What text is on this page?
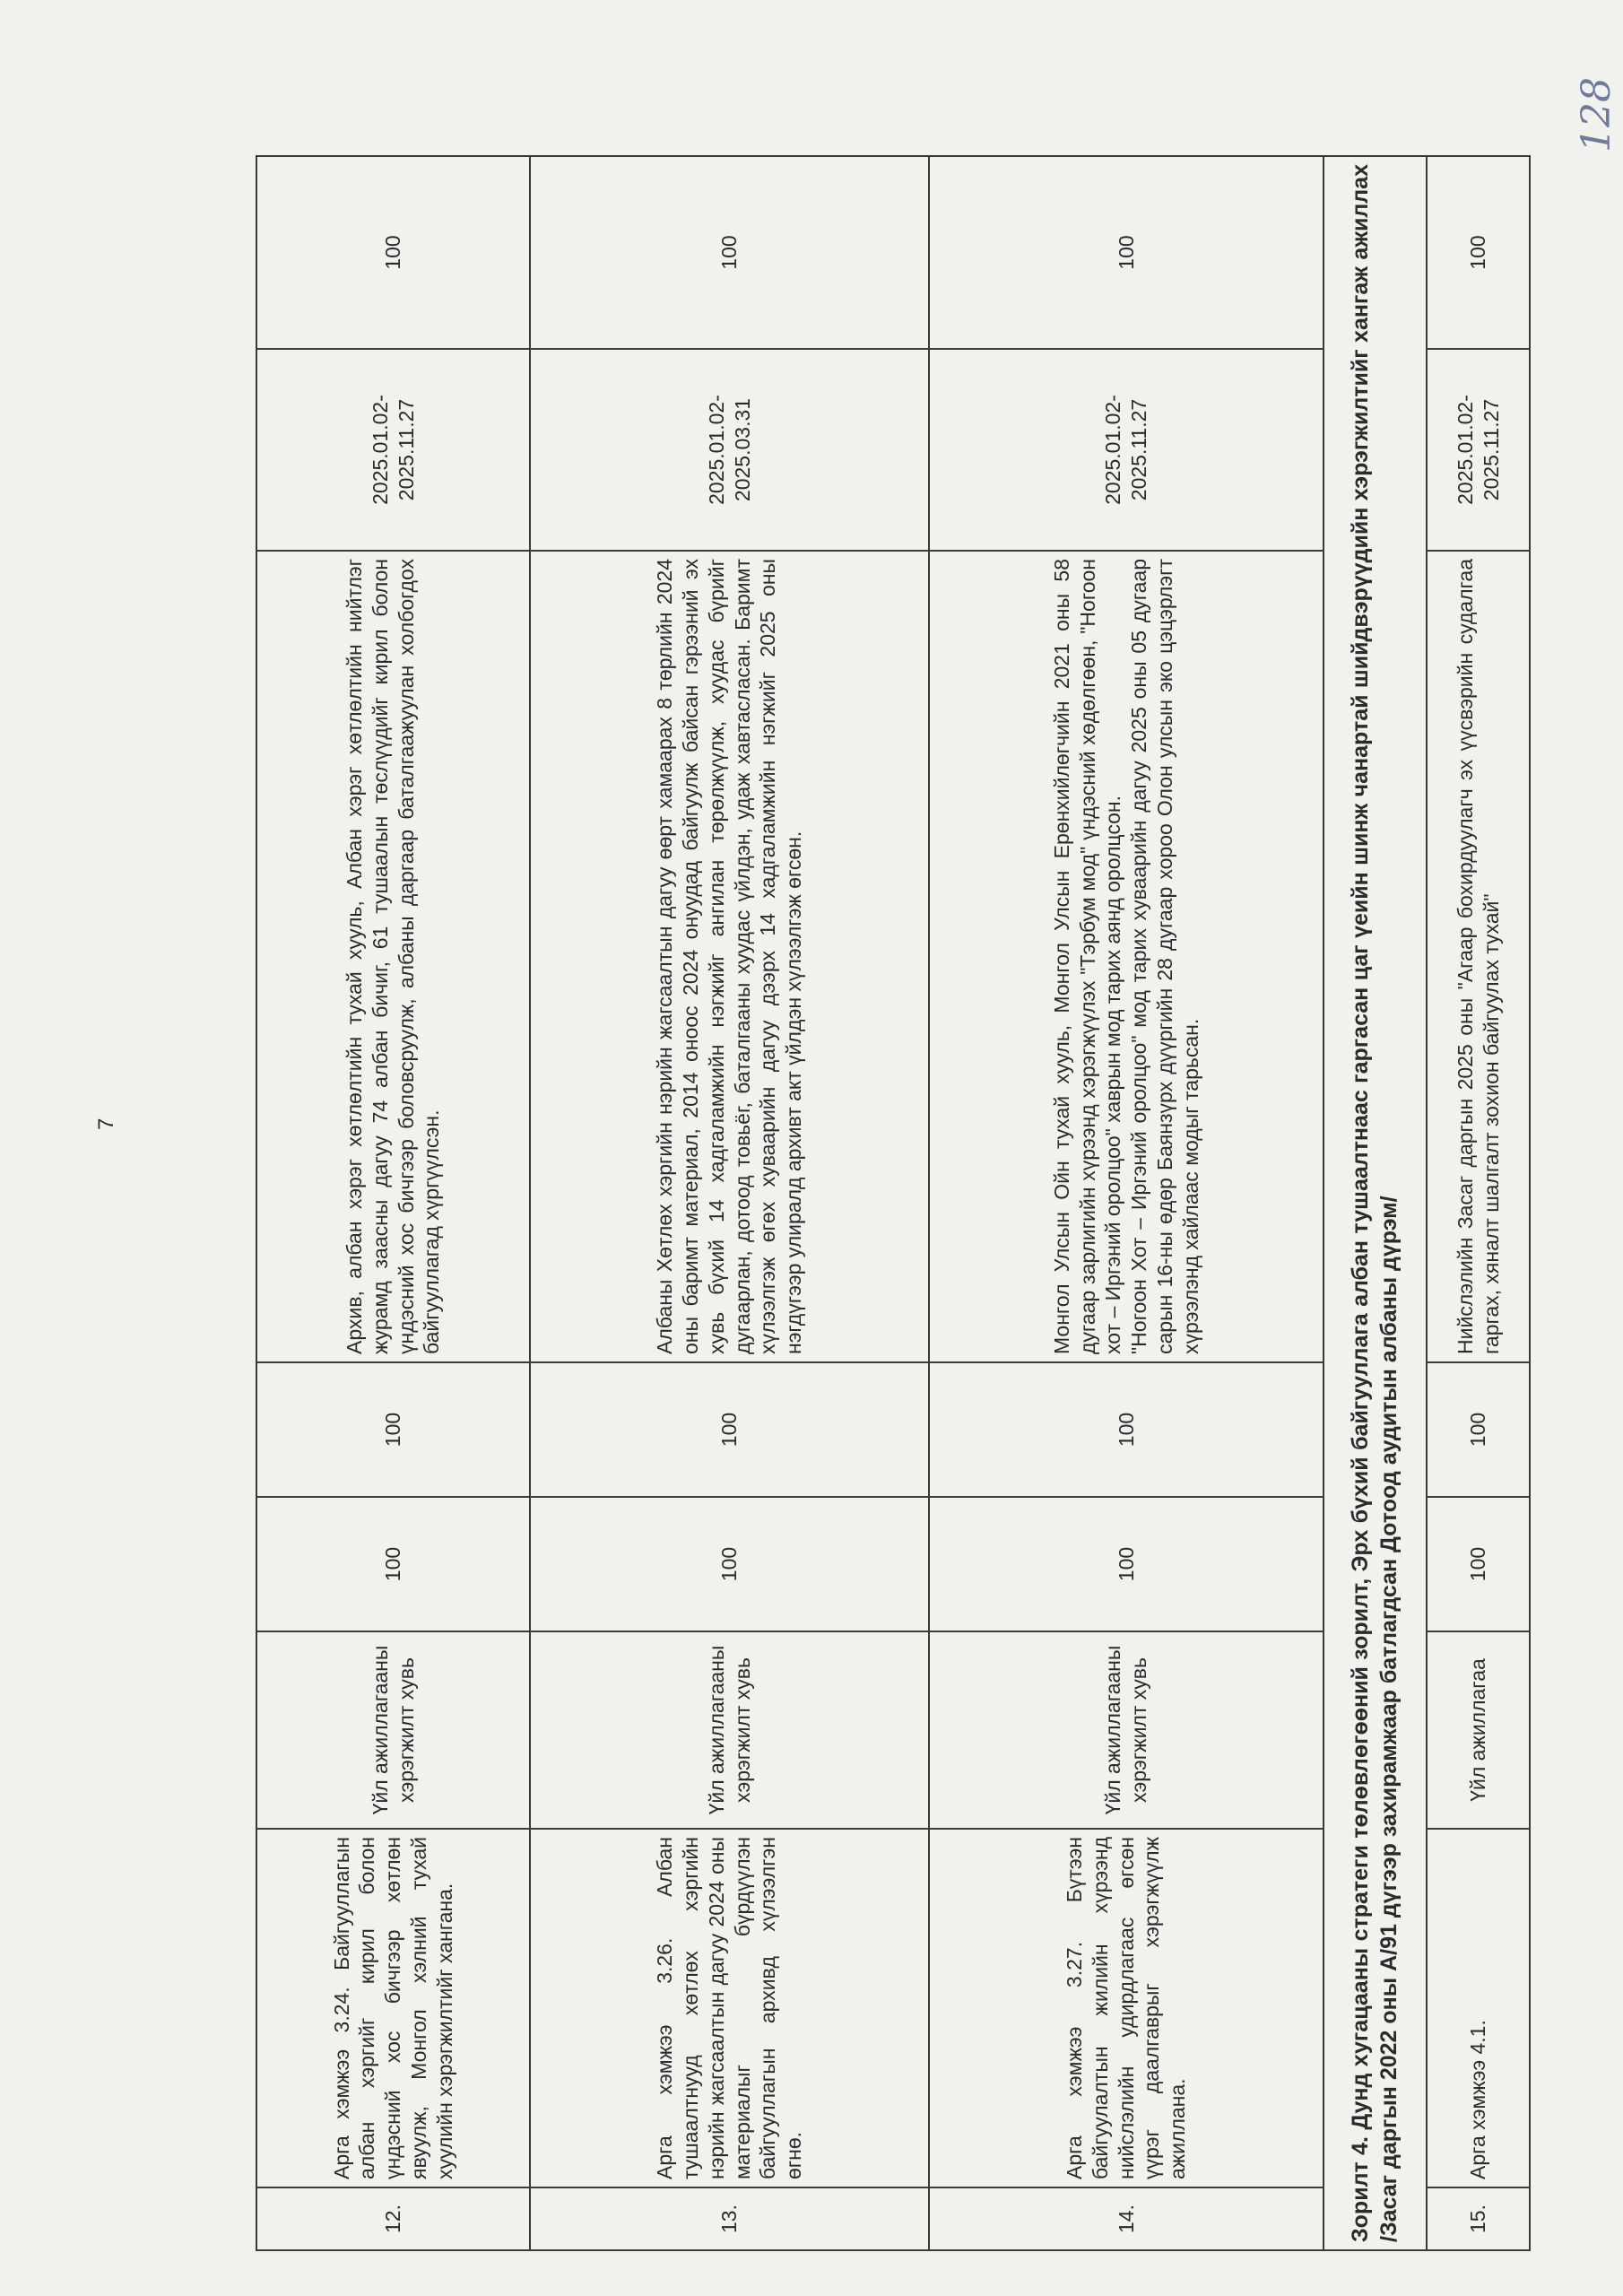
7
128
12.	Арга хэмжээ 3.24. Байгууллагын албан хэргийг кирил болон үндэсний хос бичгээр хөтлөн явуулж, Монгол хэлний тухай хуулийн хэрэгжилтийг хангана.	Үйл ажиллагааны хэрэгжилт хувь	100	100	Архив, албан хэрэг хөтлөлтийн тухай хууль, Албан хэрэг хөтлөлтийн нийтлэг журамд заасны дагуу 74 албан бичиг, 61 тушаалын төслүүдийг кирил болон үндэсний хос бичгээр боловсруулж, албаны даргаар баталгаажуулан холбогдох байгууллагад хүргүүлсэн.	2025.01.02-2025.11.27	100
13.	Арга хэмжээ 3.26. Албан тушаалтнууд хөтлөх хэргийн нэрийн жагсаалтын дагуу 2024 оны материалыг бүрдүүлэн байгууллагын архивд хүлээлгэн өгнө.	Үйл ажиллагааны хэрэгжилт хувь	100	100	Албаны Хөтлөх хэргийн нэрийн жагсаалтын дагуу өөрт хамаарах 8 төрлийн 2024 оны баримт материал, 2014 оноос 2024 онуудад байгуулж байсан гэрээний эх хувь бүхий 14 хадгаламжийн нэгжийг ангилан төрөлжүүлж, хуудас бүрийг дугаарлан, дотоод товьёг, баталгааны хуудас үйлдэн, удаж хавтасласан. Баримт хүлээлгэж өгөх хуваарийн дагуу дээрх 14 хадгаламжийн нэгжийг 2025 оны нэгдүгээр улиралд архивт акт үйлдэн хүлээлгэж өгсөн.	2025.01.02-2025.03.31	100
14.	Арга хэмжээ 3.27. Бүтээн байгуулалтын жилийн хүрээнд нийслэлийн удирдлагаас өгсөн үүрэг даалгаврыг хэрэгжүүлж ажиллана.	Үйл ажиллагааны хэрэгжилт хувь	100	100	Монгол Улсын Ойн тухай хууль, Монгол Улсын Ерөнхийлөгчийн 2021 оны 58 дугаар зарлигийн хүрээнд хэрэгжүүлэх "Тэрбум мод" үндэсний хөдөлгөөн, "Ногоон хот – Иргэний оролцоо" хаврын мод тарих аянд оролцсон.
"Ногоон Хот – Иргэний оролцоо" мод тарих хуваарийн дагуу 2025 оны 05 дугаар сарын 16-ны өдөр Баянзүрх дүүргийн 28 дугаар хороо Олон улсын эко цэцэрлэгт хүрээлэнд хайлаас модыг тарьсан.	2025.01.02-2025.11.27	100
Зорилт 4. Дунд хугацааны стратеги төлөвлөгөөний зорилт, Эрх бүхий байгууллага албан тушаалтнаас гаргасан цаг үеийн шинж чанартай шийдвэрүүдийн хэрэгжилтийг хангаж ажиллах /Засаг даргын 2022 оны А/91 дүгээр захирамжаар батлагдсан Дотоод аудитын албаны дүрэм/							
15.	Арга хэмжээ 4.1.	Үйл ажиллагаа	100	100	Нийслэлийн Засаг даргын 2025 оны "Агаар бохирдуулагч эх үүсвэрийн судалгаа гаргах, хяналт шалгалт зохион байгуулах тухай"	2025.01.02-2025.11.27	100
